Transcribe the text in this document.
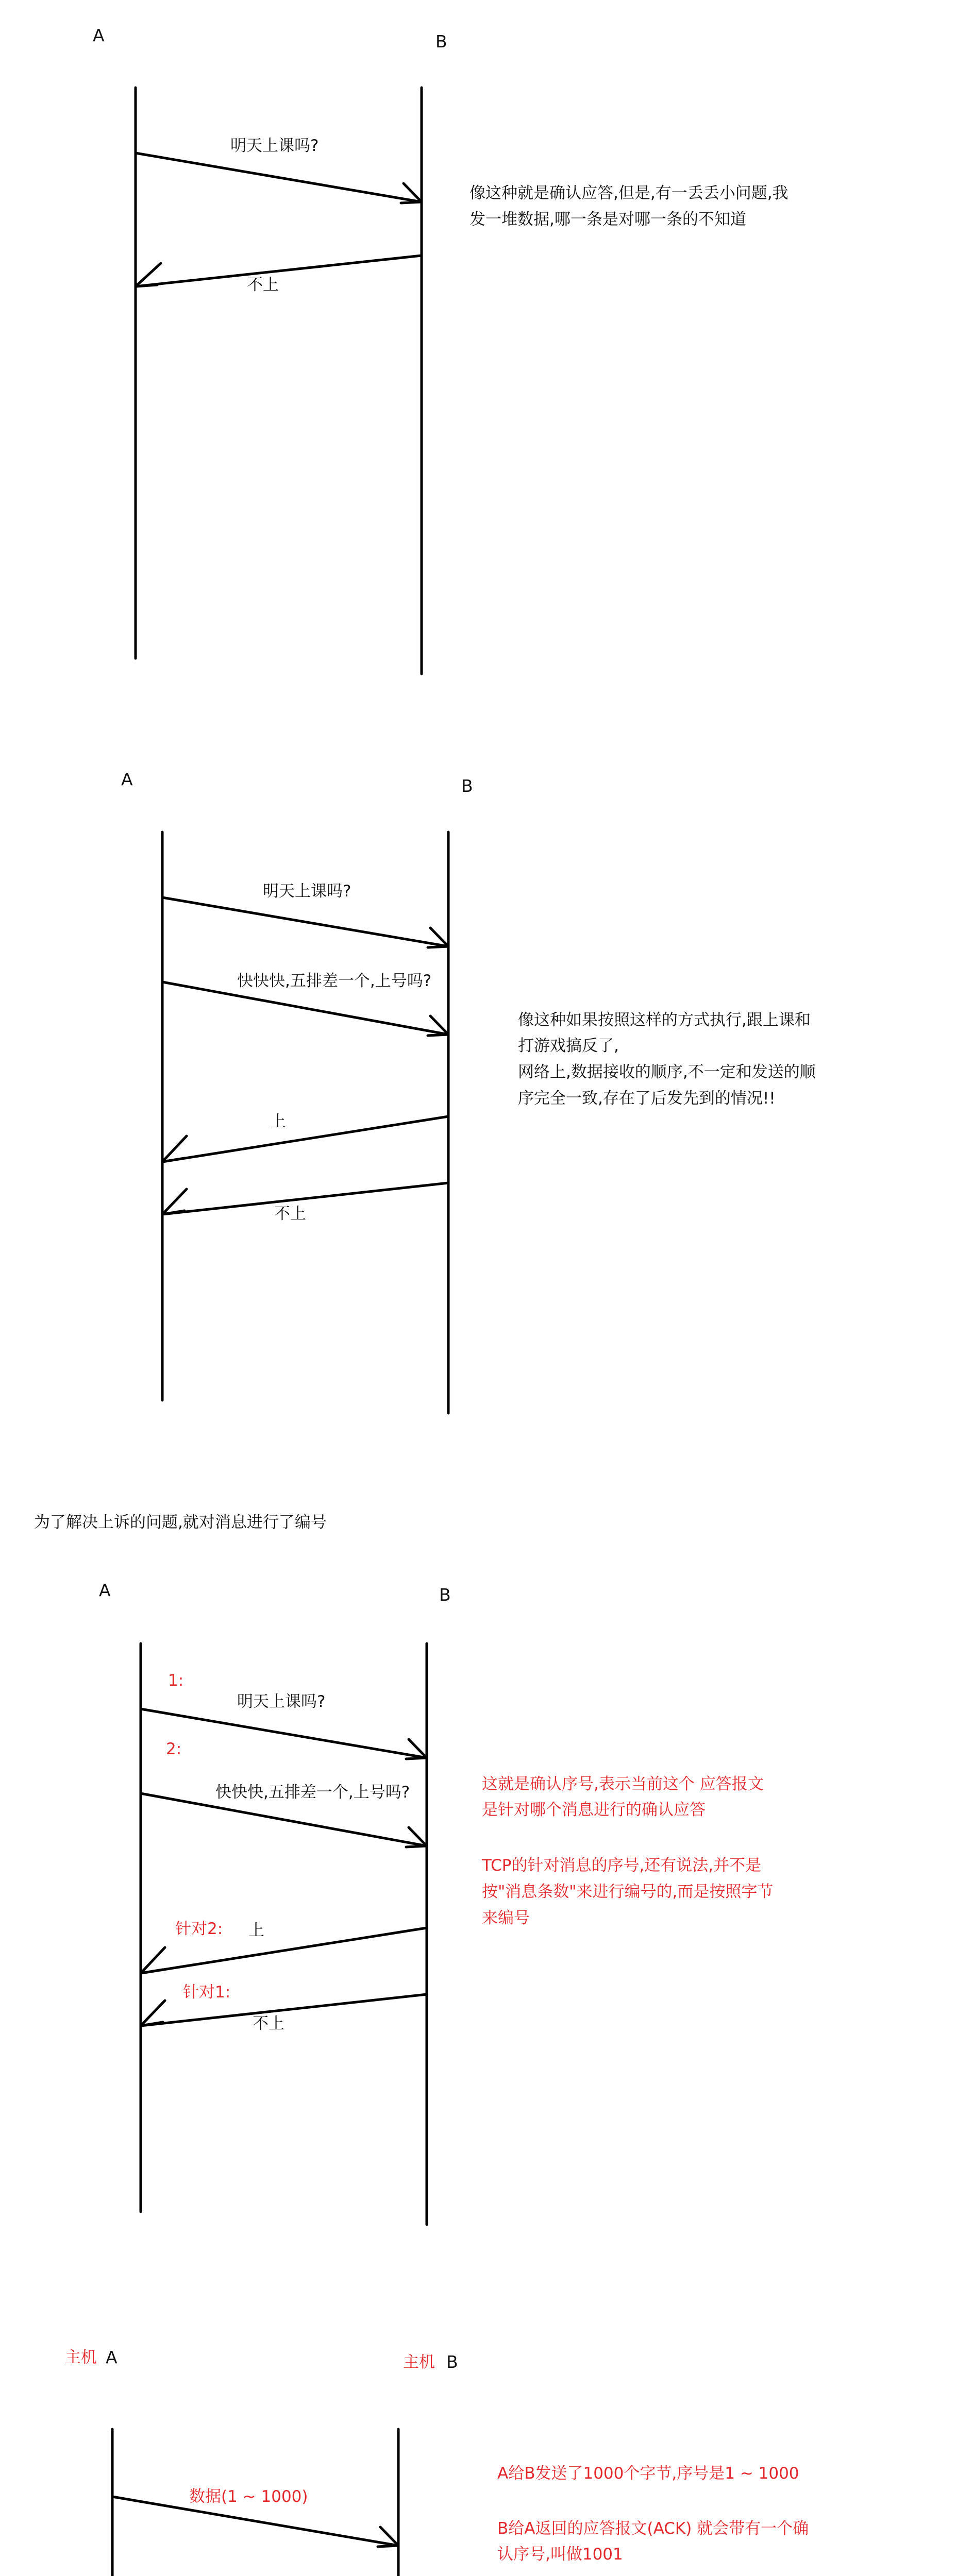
A	B
明天上课吗?
不上
像这种就是确认应答,但是,有一丢丢小问题,我
发一堆数据,哪一条是对哪一条的不知道
A	B
明天上课吗?
快快快,五排差一个,上号吗?
上
不上
像这种如果按照这样的方式执行,跟上课和
打游戏搞反了,
网络上,数据接收的顺序,不一定和发送的顺
序完全一致,存在了后发先到的情况!!
为了解决上诉的问题,就对消息进行了编号
A	B
1:
明天上课吗?
2:
快快快,五排差一个,上号吗?
针对2: 上
针对1:
不上
这就是确认序号,表示当前这个 应答报文
是针对哪个消息进行的确认应答
TCP的针对消息的序号,还有说法,并不是
按"消息条数"来进行编号的,而是按照字节
来编号
主机 A	主机 B
数据(1 ~ 1000)
A给B发送了1000个字节,序号是1 ~ 1000
B给A返回的应答报文(ACK) 就会带有一个确
认序号,叫做1001
